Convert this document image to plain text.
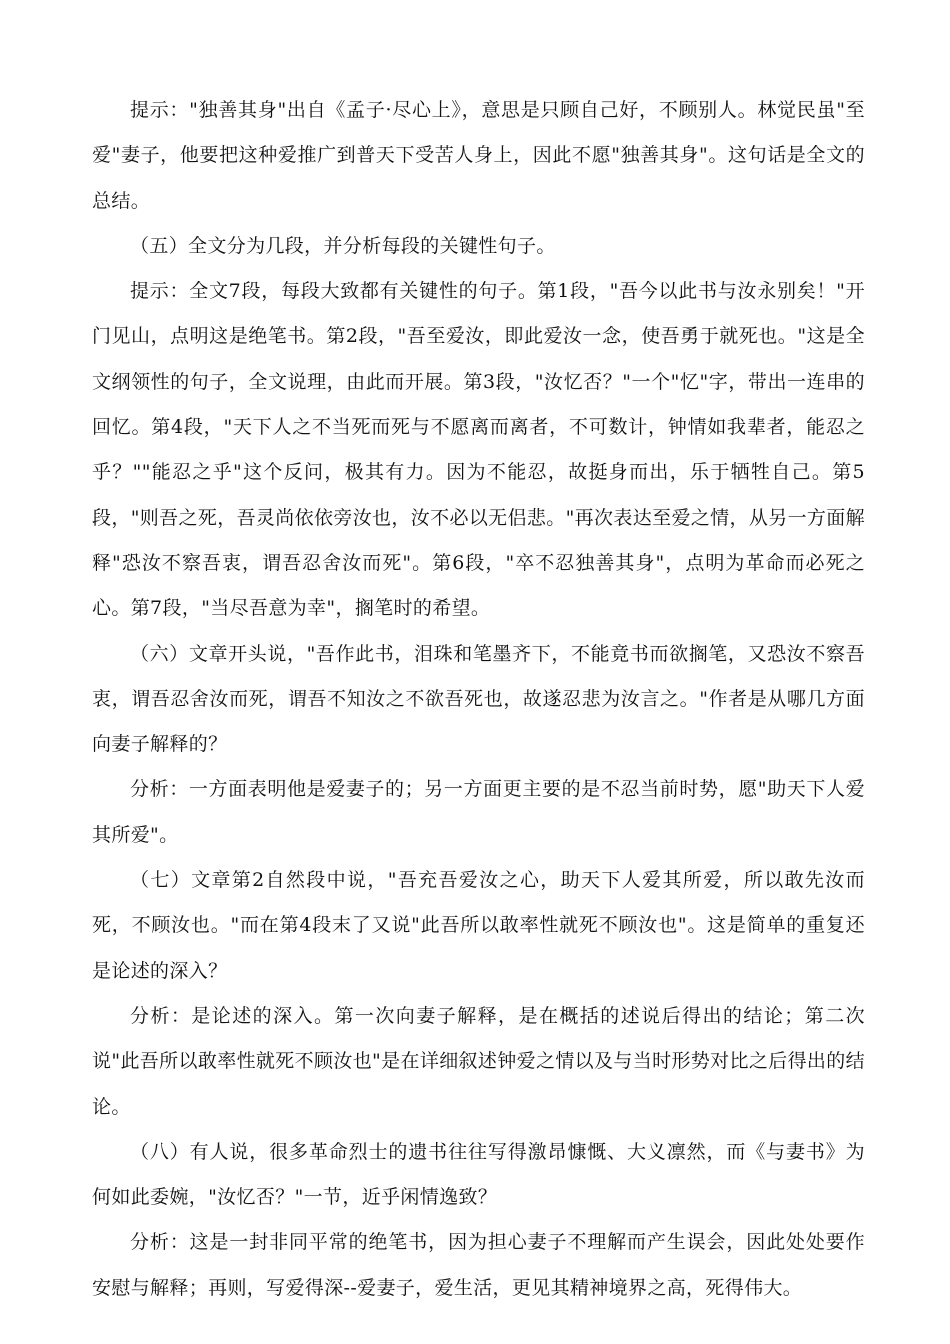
提示："独善其身"出自《孟子·尽心上》，意思是只顾自己好，不顾别人。林觉民虽"至爱"妻子，他要把这种爱推广到普天下受苦人身上，因此不愿"独善其身"。这句话是全文的总结。

（五）全文分为几段，并分析每段的关键性句子。

提示：全文7段，每段大致都有关键性的句子。第1段，"吾今以此书与汝永别矣！"开门见山，点明这是绝笔书。第2段，"吾至爱汝，即此爱汝一念，使吾勇于就死也。"这是全文纲领性的句子，全文说理，由此而开展。第3段，"汝忆否？"一个"忆"字，带出一连串的回忆。第4段，"天下人之不当死而死与不愿离而离者，不可数计，钟情如我辈者，能忍之乎？""能忍之乎"这个反问，极其有力。因为不能忍，故挺身而出，乐于牺牲自己。第5段，"则吾之死，吾灵尚依依旁汝也，汝不必以无侣悲。"再次表达至爱之情，从另一方面解释"恐汝不察吾衷，谓吾忍舍汝而死"。第6段，"卒不忍独善其身"，点明为革命而必死之心。第7段，"当尽吾意为幸"，搁笔时的希望。

（六）文章开头说，"吾作此书，泪珠和笔墨齐下，不能竟书而欲搁笔，又恐汝不察吾衷，谓吾忍舍汝而死，谓吾不知汝之不欲吾死也，故遂忍悲为汝言之。"作者是从哪几方面向妻子解释的？

分析：一方面表明他是爱妻子的；另一方面更主要的是不忍当前时势，愿"助天下人爱其所爱"。

（七）文章第2自然段中说，"吾充吾爱汝之心，助天下人爱其所爱，所以敢先汝而死，不顾汝也。"而在第4段末了又说"此吾所以敢率性就死不顾汝也"。这是简单的重复还是论述的深入？

分析：是论述的深入。第一次向妻子解释，是在概括的述说后得出的结论；第二次说"此吾所以敢率性就死不顾汝也"是在详细叙述钟爱之情以及与当时形势对比之后得出的结论。

（八）有人说，很多革命烈士的遗书往往写得激昂慷慨、大义凛然，而《与妻书》为何如此委婉，"汝忆否？"一节，近乎闲情逸致？

分析：这是一封非同平常的绝笔书，因为担心妻子不理解而产生误会，因此处处要作安慰与解释；再则，写爱得深--爱妻子，爱生活，更见其精神境界之高，死得伟大。
